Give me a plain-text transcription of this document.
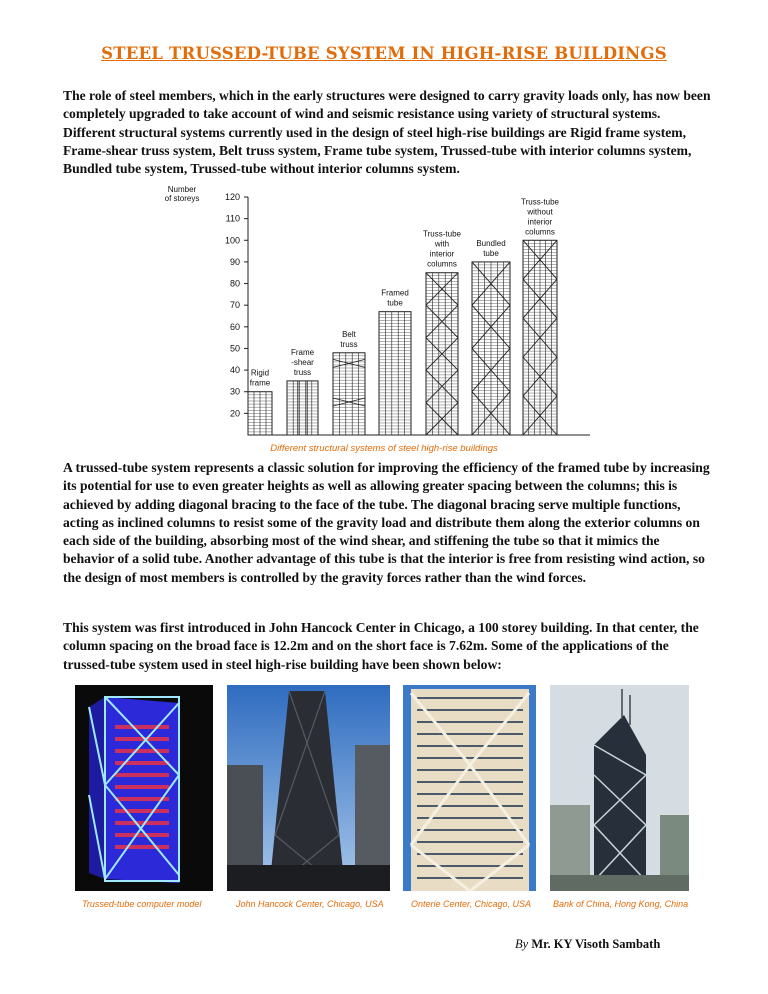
STEEL TRUSSED-TUBE SYSTEM IN HIGH-RISE BUILDINGS

The role of steel members, which in the early structures were designed to carry gravity loads only, has now been completely upgraded to take account of wind and seismic resistance using variety of structural systems. Different structural systems currently used in the design of steel high-rise buildings are Rigid frame system, Frame-shear truss system, Belt truss system, Frame tube system, Trussed-tube with interior columns system, Bundled tube system, Trussed-tube without interior columns system.

Number
of storeys
20
30
40
50
60
70
80
90
100
110
120
Rigid
frame
Frame
-shear
truss
Belt
truss
Framed
tube
Truss-tube
with
interior
columns
Bundled
tube
Truss-tube
without
interior
columns
Different structural systems of steel high-rise buildings

A trussed-tube system represents a classic solution for improving the efficiency of the framed tube by increasing its potential for use to even greater heights as well as allowing greater spacing between the columns; this is achieved by adding diagonal bracing to the face of the tube. The diagonal bracing serve multiple functions, acting as inclined columns to resist some of the gravity load and distribute them along the exterior columns on each side of the building, absorbing most of the wind shear, and stiffening the tube so that it mimics the behavior of a solid tube. Another advantage of this tube is that the interior is free from resisting wind action, so the design of most members is controlled by the gravity forces rather than the wind forces.

This system was first introduced in John Hancock Center in Chicago, a 100 storey building. In that center, the column spacing on the broad face is 12.2m and on the short face is 7.62m. Some of the applications of the trussed-tube system used in steel high-rise building have been shown below:

Trussed-tube computer model	John Hancock Center, Chicago, USA	Onterie Center, Chicago, USA Bank of China, Hong Kong, China
By Mr. KY Visoth Sambath
